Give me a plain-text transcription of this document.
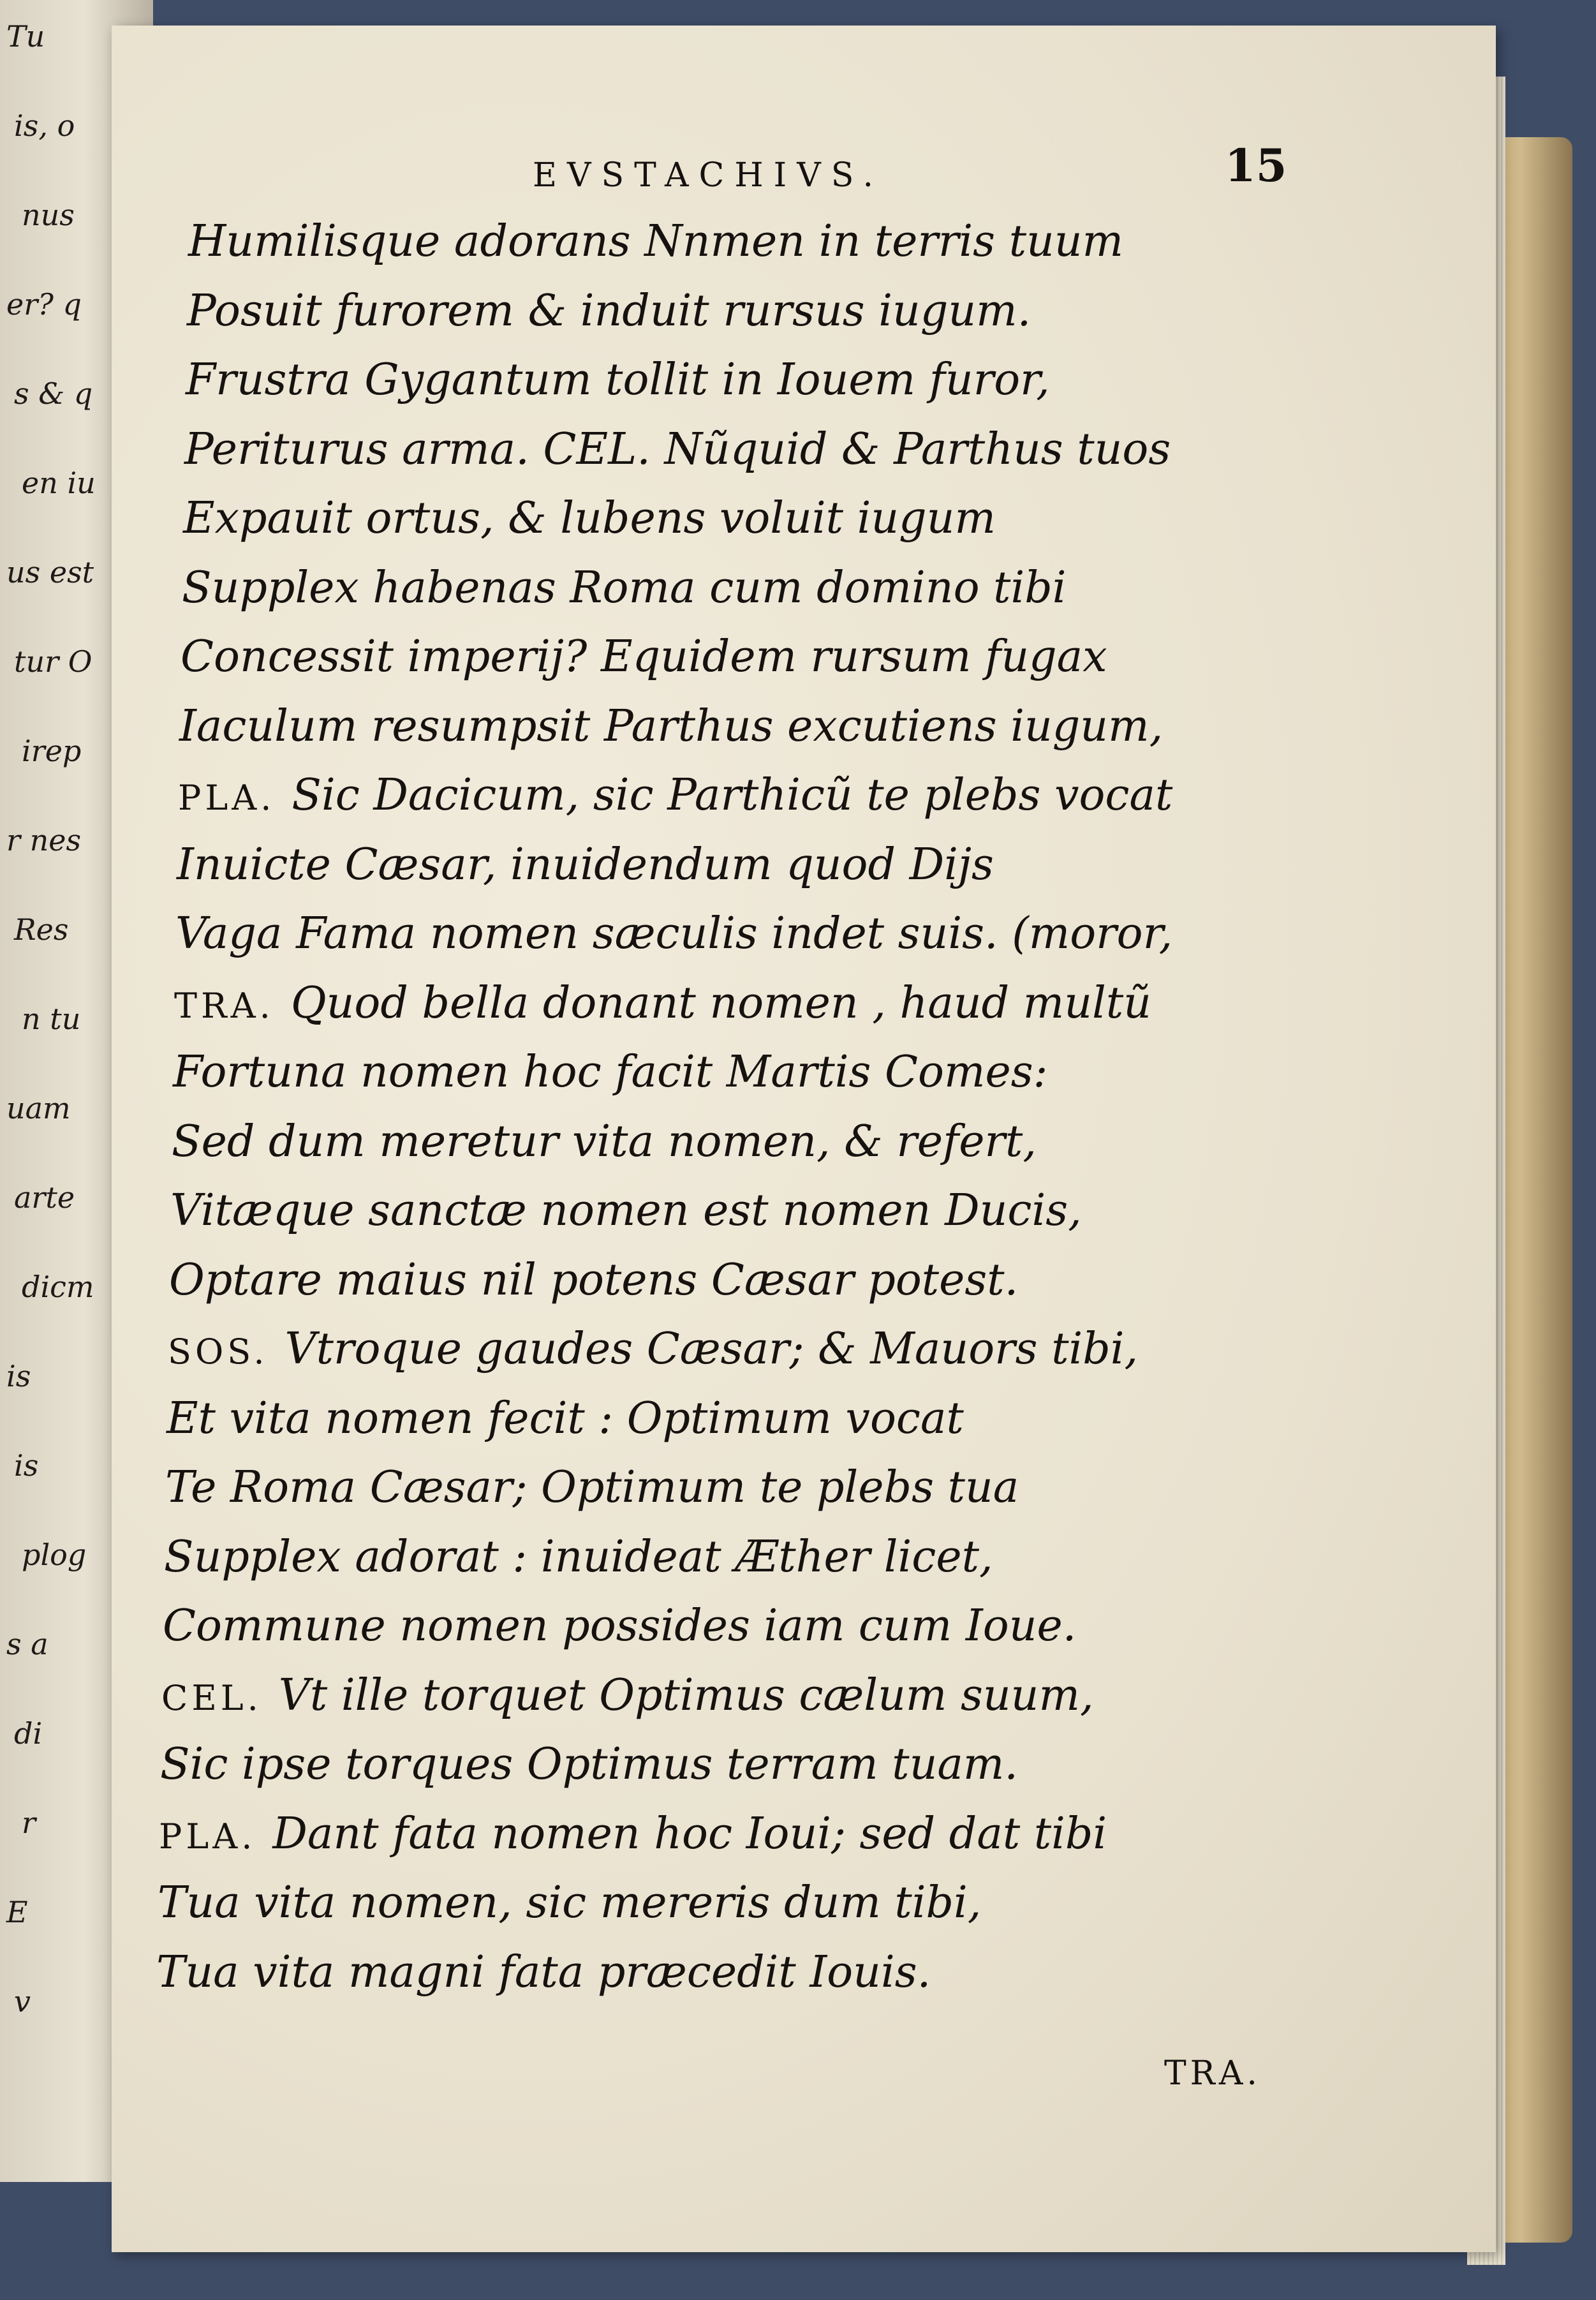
Tu
is, o
nus
er? q
s & q
en iu
us est
tur O
irep
r nes
Res
n tu
uam
arte
dicm
is
is
plog
s a
di
r
E
v
EVSTACHIVS.	15
Humilisque adorans Nnmen in terris tuum
Posuit furorem & induit rursus iugum.
Frustra Gygantum tollit in Iouem furor,
Periturus arma. CEL. Nũquid & Parthus tuos
Expauit ortus, & lubens voluit iugum
Supplex habenas Roma cum domino tibi
Concessit imperij? Equidem rursum fugax
Iaculum resumpsit Parthus excutiens iugum,
PLA. Sic Dacicum, sic Parthicũ te plebs vocat
Inuicte Cæsar, inuidendum quod Dijs
Vaga Fama nomen sæculis indet suis. (moror,
TRA. Quod bella donant nomen , haud multũ
Fortuna nomen hoc facit Martis Comes:
Sed dum meretur vita nomen, & refert,
Vitæque sanctæ nomen est nomen Ducis,
Optare maius nil potens Cæsar potest.
SOS. Vtroque gaudes Cæsar; & Mauors tibi,
Et vita nomen fecit : Optimum vocat
Te Roma Cæsar; Optimum te plebs tua
Supplex adorat : inuideat Æther licet,
Commune nomen possides iam cum Ioue.
CEL. Vt ille torquet Optimus cælum suum,
Sic ipse torques Optimus terram tuam.
PLA. Dant fata nomen hoc Ioui; sed dat tibi
Tua vita nomen, sic mereris dum tibi,
Tua vita magni fata præcedit Iouis.
TRA.
